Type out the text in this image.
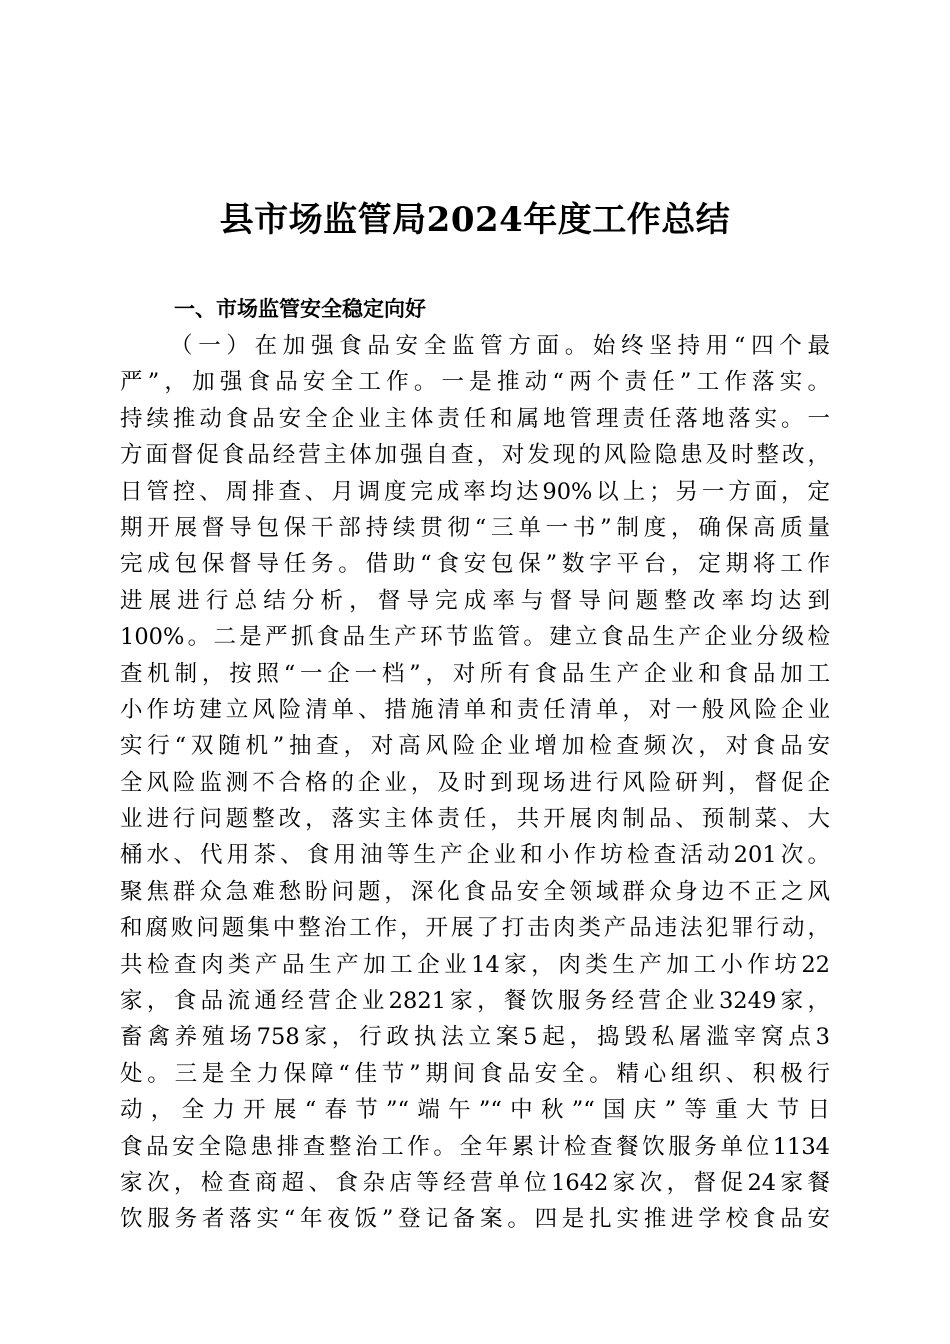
县市场监管局2024年度工作总结
一、市场监管安全稳定向好
（一）在加强食品安全监管方面。始终坚持用“四个最
严”，加强食品安全工作。一是推动“两个责任”工作落实。
持续推动食品安全企业主体责任和属地管理责任落地落实。一
方面督促食品经营主体加强自查，对发现的风险隐患及时整改，
日管控、周排查、月调度完成率均达90%以上；另一方面，定
期开展督导包保干部持续贯彻“三单一书”制度，确保高质量
完成包保督导任务。借助“食安包保”数字平台，定期将工作
进展进行总结分析，督导完成率与督导问题整改率均达到
100%。二是严抓食品生产环节监管。建立食品生产企业分级检
查机制，按照“一企一档”，对所有食品生产企业和食品加工
小作坊建立风险清单、措施清单和责任清单，对一般风险企业
实行“双随机”抽查，对高风险企业增加检查频次，对食品安
全风险监测不合格的企业，及时到现场进行风险研判，督促企
业进行问题整改，落实主体责任，共开展肉制品、预制菜、大
桶水、代用茶、食用油等生产企业和小作坊检查活动201次。
聚焦群众急难愁盼问题，深化食品安全领域群众身边不正之风
和腐败问题集中整治工作，开展了打击肉类产品违法犯罪行动，
共检查肉类产品生产加工企业14家，肉类生产加工小作坊22
家，食品流通经营企业2821家，餐饮服务经营企业3249家，
畜禽养殖场758家，行政执法立案5起，捣毁私屠滥宰窝点3
处。三是全力保障“佳节”期间食品安全。精心组织、积极行
动，全力开展“春节”“端午”“中秋”“国庆”等重大节日
食品安全隐患排查整治工作。全年累计检查餐饮服务单位1134
家次，检查商超、食杂店等经营单位1642家次，督促24家餐
饮服务者落实“年夜饭”登记备案。四是扎实推进学校食品安
